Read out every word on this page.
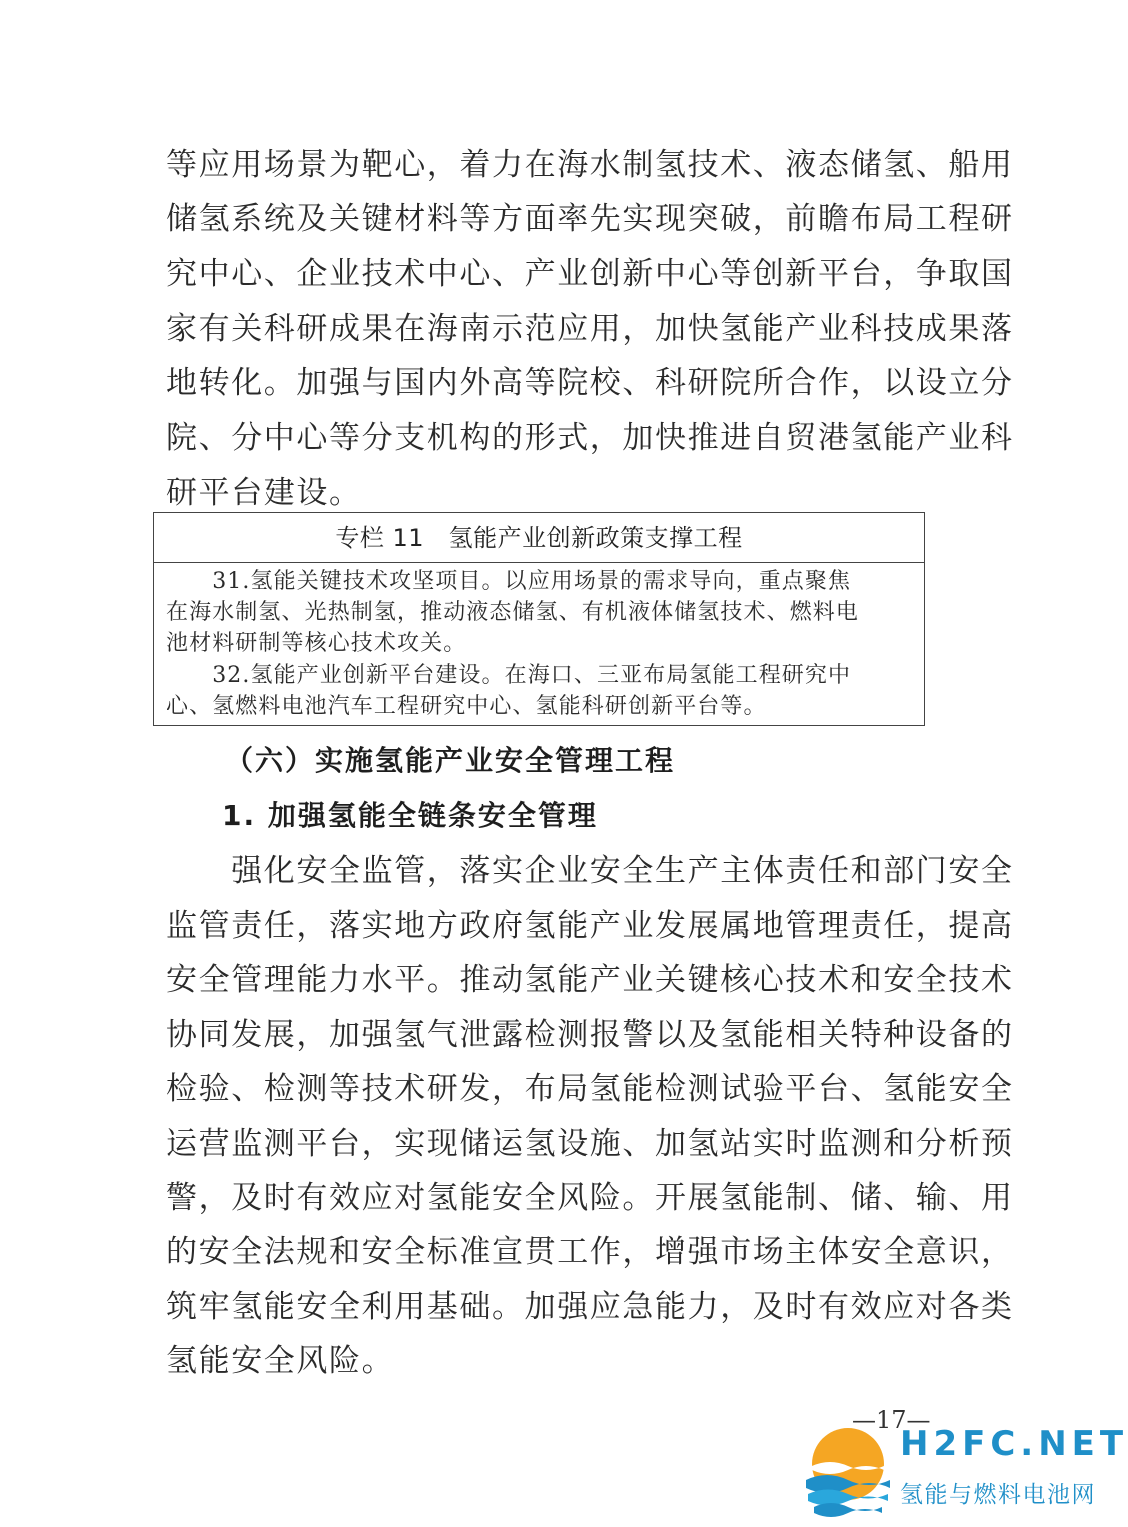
等应用场景为靶心，着力在海水制氢技术、液态储氢、船用

储氢系统及关键材料等方面率先实现突破，前瞻布局工程研

究中心、企业技术中心、产业创新中心等创新平台，争取国

家有关科研成果在海南示范应用，加快氢能产业科技成果落

地转化。加强与国内外高等院校、科研院所合作，以设立分

院、分中心等分支机构的形式，加快推进自贸港氢能产业科

研平台建设。

专栏 11　氢能产业创新政策支撑工程

　　31.氢能关键技术攻坚项目。以应用场景的需求导向，重点聚焦

在海水制氢、光热制氢，推动液态储氢、有机液体储氢技术、燃料电

池材料研制等核心技术攻关。

　　32.氢能产业创新平台建设。在海口、三亚布局氢能工程研究中

心、氢燃料电池汽车工程研究中心、氢能科研创新平台等。

（六）实施氢能产业安全管理工程
1. 加强氢能全链条安全管理

　　强化安全监管，落实企业安全生产主体责任和部门安全

监管责任，落实地方政府氢能产业发展属地管理责任，提高

安全管理能力水平。推动氢能产业关键核心技术和安全技术

协同发展，加强氢气泄露检测报警以及氢能相关特种设备的

检验、检测等技术研发，布局氢能检测试验平台、氢能安全

运营监测平台，实现储运氢设施、加氢站实时监测和分析预

警，及时有效应对氢能安全风险。开展氢能制、储、输、用

的安全法规和安全标准宣贯工作，增强市场主体安全意识，

筑牢氢能安全利用基础。加强应急能力，及时有效应对各类

氢能安全风险。

—17—

H2FC.NET

氢能与燃料电池网
